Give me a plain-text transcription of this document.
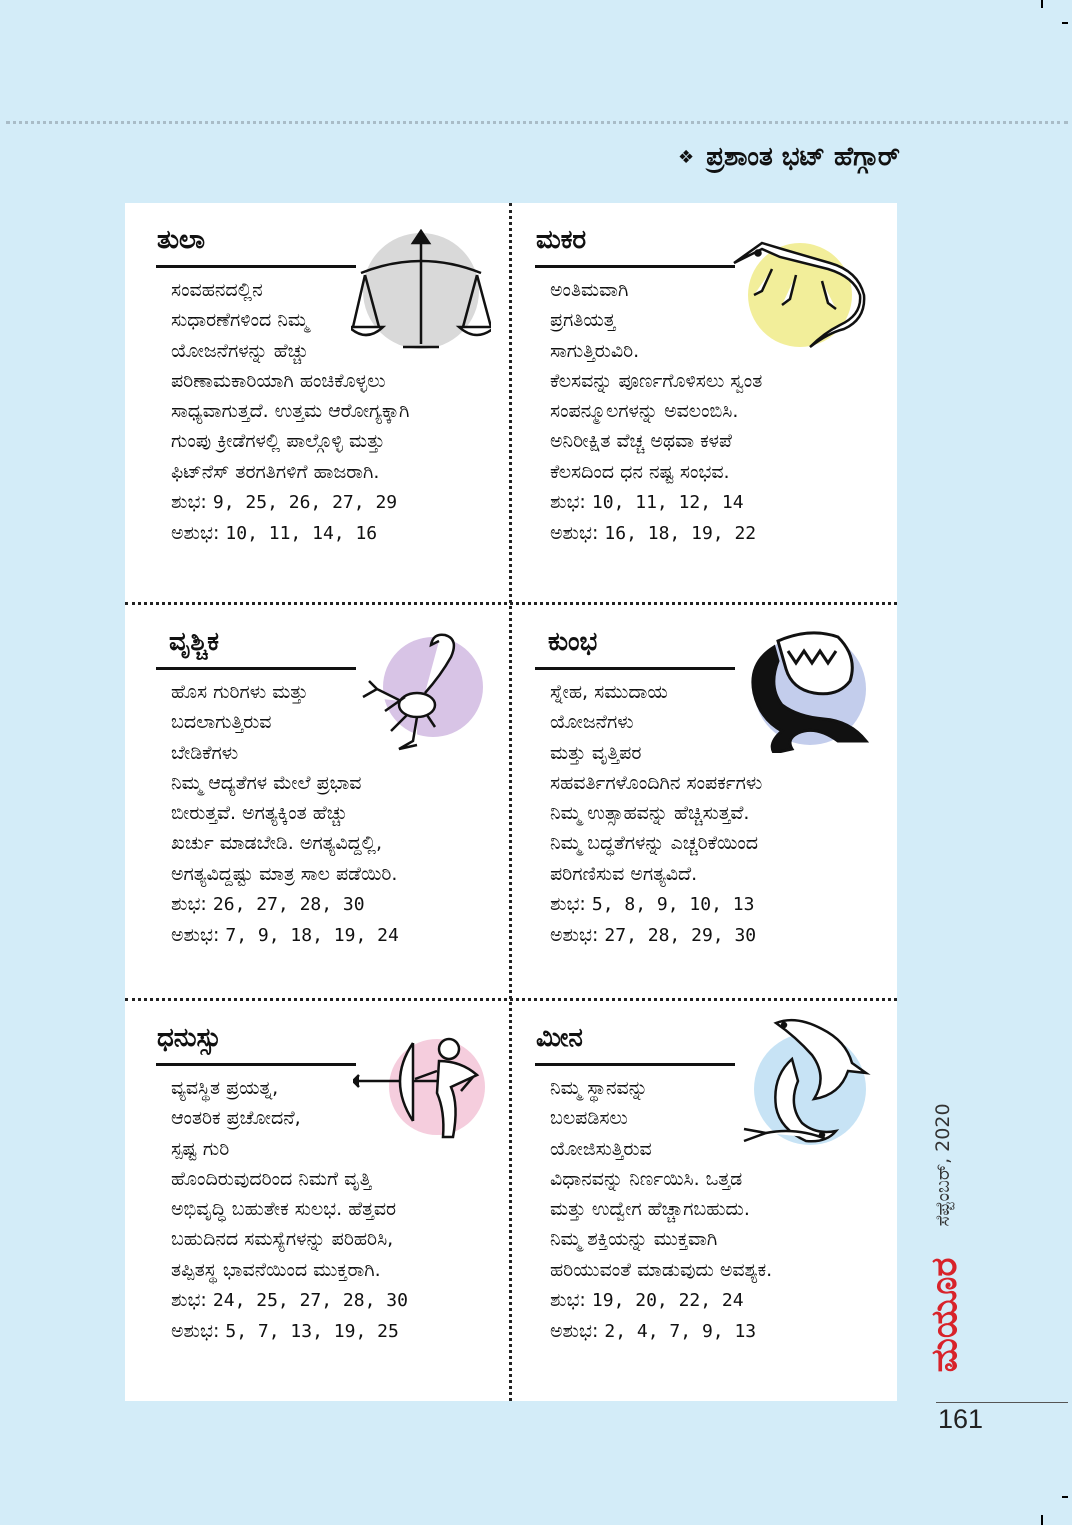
❖ ಪ್ರಶಾಂತ ಭಟ್ ಹೆಗ್ಗಾರ್
ತುಲಾ
ಸಂವಹನದಲ್ಲಿನ
ಸುಧಾರಣೆಗಳಿಂದ ನಿಮ್ಮ
ಯೋಜನೆಗಳನ್ನು ಹೆಚ್ಚು
ಪರಿಣಾಮಕಾರಿಯಾಗಿ ಹಂಚಿಕೊಳ್ಳಲು
ಸಾಧ್ಯವಾಗುತ್ತದೆ. ಉತ್ತಮ ಆರೋಗ್ಯಕ್ಕಾಗಿ
ಗುಂಪು ಕ್ರೀಡೆಗಳಲ್ಲಿ ಪಾಲ್ಗೊಳ್ಳಿ ಮತ್ತು
ಫಿಟ್‌ನೆಸ್ ತರಗತಿಗಳಿಗೆ ಹಾಜರಾಗಿ.
ಶುಭ: 9, 25, 26, 27, 29
ಅಶುಭ: 10, 11, 14, 16
ಮಕರ
ಅಂತಿಮವಾಗಿ
ಪ್ರಗತಿಯತ್ತ
ಸಾಗುತ್ತಿರುವಿರಿ.
ಕೆಲಸವನ್ನು ಪೂರ್ಣಗೊಳಿಸಲು ಸ್ವಂತ
ಸಂಪನ್ಮೂಲಗಳನ್ನು ಅವಲಂಬಿಸಿ.
ಅನಿರೀಕ್ಷಿತ ವೆಚ್ಚ ಅಥವಾ ಕಳಪೆ
ಕೆಲಸದಿಂದ ಧನ ನಷ್ಟ ಸಂಭವ.
ಶುಭ: 10, 11, 12, 14
ಅಶುಭ: 16, 18, 19, 22
ವೃಶ್ಚಿಕ
ಹೊಸ ಗುರಿಗಳು ಮತ್ತು
ಬದಲಾಗುತ್ತಿರುವ
ಬೇಡಿಕೆಗಳು
ನಿಮ್ಮ ಆದ್ಯತೆಗಳ ಮೇಲೆ ಪ್ರಭಾವ
ಬೀರುತ್ತವೆ. ಅಗತ್ಯಕ್ಕಿಂತ ಹೆಚ್ಚು
ಖರ್ಚು ಮಾಡಬೇಡಿ. ಅಗತ್ಯವಿದ್ದಲ್ಲಿ,
ಅಗತ್ಯವಿದ್ದಷ್ಟು ಮಾತ್ರ ಸಾಲ ಪಡೆಯಿರಿ.
ಶುಭ: 26, 27, 28, 30
ಅಶುಭ: 7, 9, 18, 19, 24
ಕುಂಭ
ಸ್ನೇಹ, ಸಮುದಾಯ
ಯೋಜನೆಗಳು
ಮತ್ತು ವೃತ್ತಿಪರ
ಸಹವರ್ತಿಗಳೊಂದಿಗಿನ ಸಂಪರ್ಕಗಳು
ನಿಮ್ಮ ಉತ್ಸಾಹವನ್ನು ಹೆಚ್ಚಿಸುತ್ತವೆ.
ನಿಮ್ಮ ಬದ್ಧತೆಗಳನ್ನು ಎಚ್ಚರಿಕೆಯಿಂದ
ಪರಿಗಣಿಸುವ ಅಗತ್ಯವಿದೆ.
ಶುಭ: 5, 8, 9, 10, 13
ಅಶುಭ: 27, 28, 29, 30
ಧನುಸ್ಸು
ವ್ಯವಸ್ಥಿತ ಪ್ರಯತ್ನ,
ಆಂತರಿಕ ಪ್ರಚೋದನೆ,
ಸ್ಪಷ್ಟ ಗುರಿ
ಹೊಂದಿರುವುದರಿಂದ ನಿಮಗೆ ವೃತ್ತಿ
ಅಭಿವೃದ್ಧಿ ಬಹುತೇಕ ಸುಲಭ. ಹೆತ್ತವರ
ಬಹುದಿನದ ಸಮಸ್ಯೆಗಳನ್ನು ಪರಿಹರಿಸಿ,
ತಪ್ಪಿತಸ್ಥ ಭಾವನೆಯಿಂದ ಮುಕ್ತರಾಗಿ.
ಶುಭ: 24, 25, 27, 28, 30
ಅಶುಭ: 5, 7, 13, 19, 25
ಮೀನ
ನಿಮ್ಮ ಸ್ಥಾನವನ್ನು
ಬಲಪಡಿಸಲು
ಯೋಜಿಸುತ್ತಿರುವ
ವಿಧಾನವನ್ನು ನಿರ್ಣಯಿಸಿ. ಒತ್ತಡ
ಮತ್ತು ಉದ್ವೇಗ ಹೆಚ್ಚಾಗಬಹುದು.
ನಿಮ್ಮ ಶಕ್ತಿಯನ್ನು ಮುಕ್ತವಾಗಿ
ಹರಿಯುವಂತೆ ಮಾಡುವುದು ಅವಶ್ಯಕ.
ಶುಭ: 19, 20, 22, 24
ಅಶುಭ: 2, 4, 7, 9, 13
ಸೆಪ್ಟೆಂಬರ್, 2020
ಮಯೂರ
161
